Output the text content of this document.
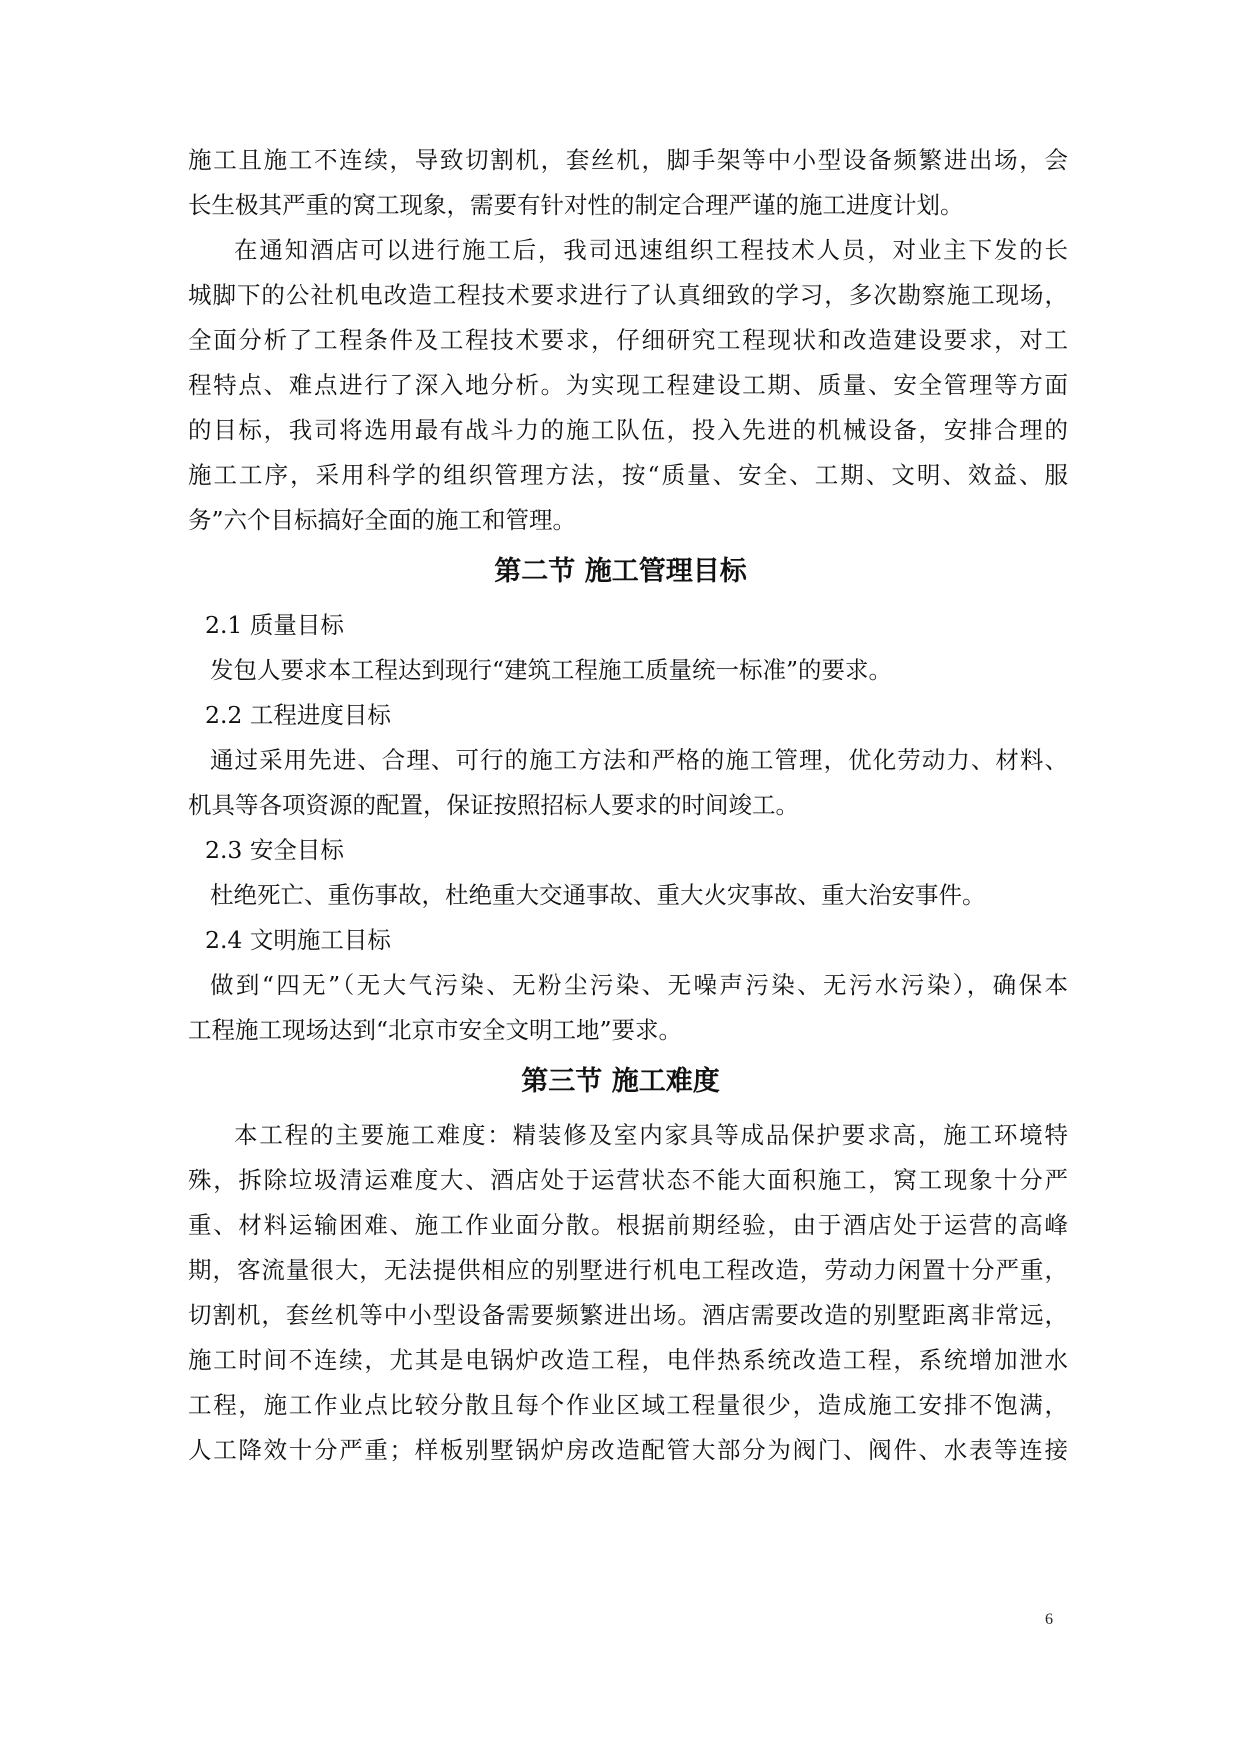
施工且施工不连续，导致切割机，套丝机，脚手架等中小型设备频繁进出场，会
长生极其严重的窝工现象，需要有针对性的制定合理严谨的施工进度计划。
在通知酒店可以进行施工后，我司迅速组织工程技术人员，对业主下发的长
城脚下的公社机电改造工程技术要求进行了认真细致的学习，多次勘察施工现场，
全面分析了工程条件及工程技术要求，仔细研究工程现状和改造建设要求，对工
程特点、难点进行了深入地分析。为实现工程建设工期、质量、安全管理等方面
的目标，我司将选用最有战斗力的施工队伍，投入先进的机械设备，安排合理的
施工工序，采用科学的组织管理方法，按“质量、安全、工期、文明、效益、服
务”六个目标搞好全面的施工和管理。
第二节 施工管理目标
2.1 质量目标
发包人要求本工程达到现行“建筑工程施工质量统一标准”的要求。
2.2 工程进度目标
通过采用先进、合理、可行的施工方法和严格的施工管理，优化劳动力、材料、
机具等各项资源的配置，保证按照招标人要求的时间竣工。
2.3 安全目标
杜绝死亡、重伤事故，杜绝重大交通事故、重大火灾事故、重大治安事件。
2.4 文明施工目标
做到“四无”（无大气污染、无粉尘污染、无噪声污染、无污水污染），确保本
工程施工现场达到“北京市安全文明工地”要求。
第三节 施工难度
本工程的主要施工难度：精装修及室内家具等成品保护要求高，施工环境特
殊，拆除垃圾清运难度大、酒店处于运营状态不能大面积施工，窝工现象十分严
重、材料运输困难、施工作业面分散。根据前期经验，由于酒店处于运营的高峰
期，客流量很大，无法提供相应的别墅进行机电工程改造，劳动力闲置十分严重，
切割机，套丝机等中小型设备需要频繁进出场。酒店需要改造的别墅距离非常远，
施工时间不连续，尤其是电锅炉改造工程，电伴热系统改造工程，系统增加泄水
工程，施工作业点比较分散且每个作业区域工程量很少，造成施工安排不饱满，
人工降效十分严重；样板别墅锅炉房改造配管大部分为阀门、阀件、水表等连接
6
